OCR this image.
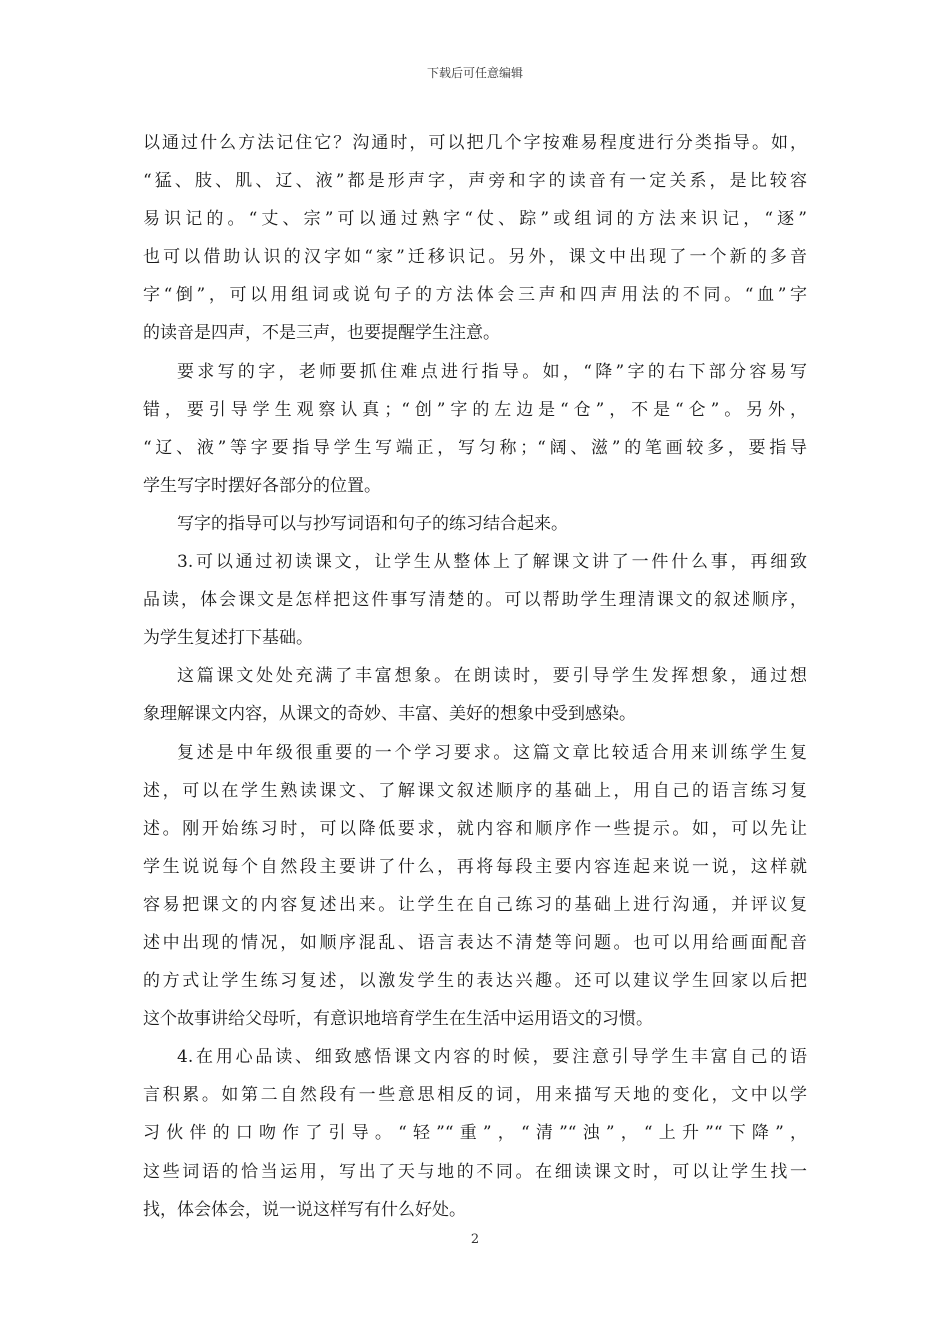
下载后可任意编辑
以通过什么方法记住它？沟通时，可以把几个字按难易程度进行分类指导。如，
“猛、肢、肌、辽、液”都是形声字，声旁和字的读音有一定关系，是比较容
易识记的。“丈、宗”可以通过熟字“仗、踪”或组词的方法来识记，“逐”
也可以借助认识的汉字如“家”迁移识记。另外，课文中出现了一个新的多音
字“倒”，可以用组词或说句子的方法体会三声和四声用法的不同。“血”字
的读音是四声，不是三声，也要提醒学生注意。
要求写的字，老师要抓住难点进行指导。如，“降”字的右下部分容易写
错，要引导学生观察认真；“创”字的左边是“仓”，不是“仑”。另外，
“辽、液”等字要指导学生写端正，写匀称；“阔、滋”的笔画较多，要指导
学生写字时摆好各部分的位置。
写字的指导可以与抄写词语和句子的练习结合起来。
3.可以通过初读课文，让学生从整体上了解课文讲了一件什么事，再细致
品读，体会课文是怎样把这件事写清楚的。可以帮助学生理清课文的叙述顺序，
为学生复述打下基础。
这篇课文处处充满了丰富想象。在朗读时，要引导学生发挥想象，通过想
象理解课文内容，从课文的奇妙、丰富、美好的想象中受到感染。
复述是中年级很重要的一个学习要求。这篇文章比较适合用来训练学生复
述，可以在学生熟读课文、了解课文叙述顺序的基础上，用自己的语言练习复
述。刚开始练习时，可以降低要求，就内容和顺序作一些提示。如，可以先让
学生说说每个自然段主要讲了什么，再将每段主要内容连起来说一说，这样就
容易把课文的内容复述出来。让学生在自己练习的基础上进行沟通，并评议复
述中出现的情况，如顺序混乱、语言表达不清楚等问题。也可以用给画面配音
的方式让学生练习复述，以激发学生的表达兴趣。还可以建议学生回家以后把
这个故事讲给父母听，有意识地培育学生在生活中运用语文的习惯。
4.在用心品读、细致感悟课文内容的时候，要注意引导学生丰富自己的语
言积累。如第二自然段有一些意思相反的词，用来描写天地的变化，文中以学
习伙伴的口吻作了引导。“轻”“重”，“清”“浊”，“上升”“下降”，
这些词语的恰当运用，写出了天与地的不同。在细读课文时，可以让学生找一
找，体会体会，说一说这样写有什么好处。
2
